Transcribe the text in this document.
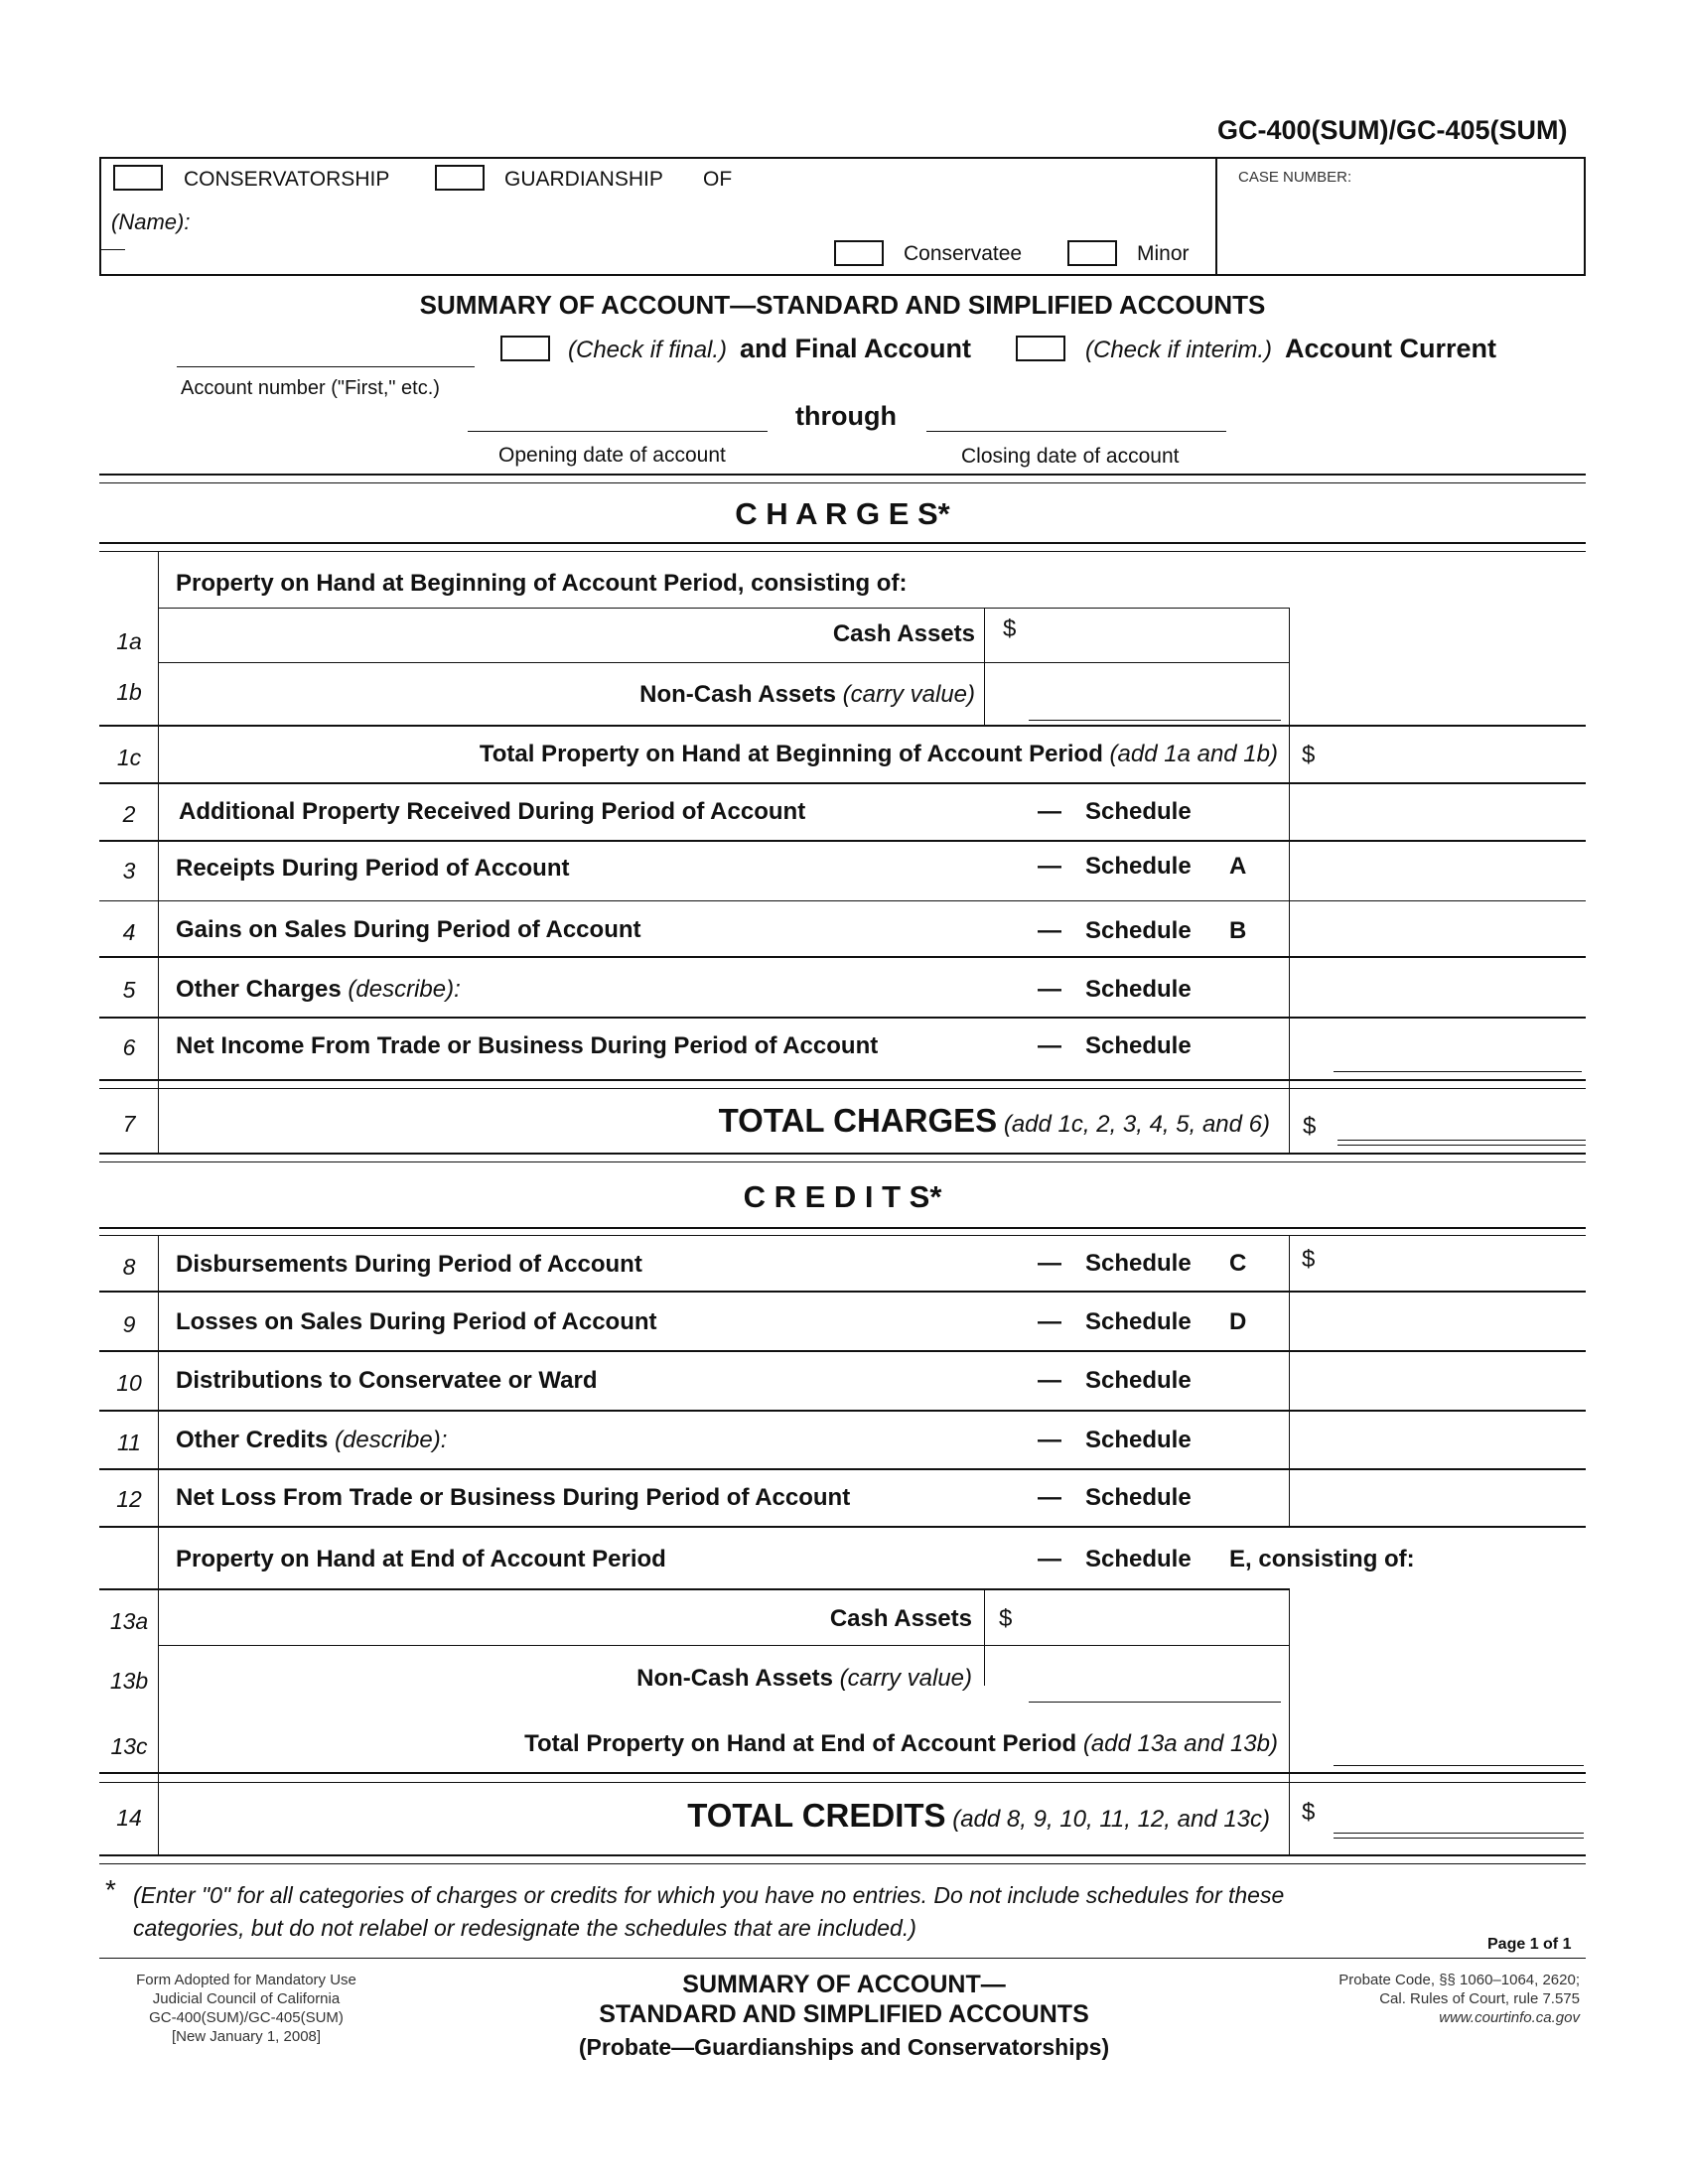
GC-400(SUM)/GC-405(SUM)
CONSERVATORSHIP	GUARDIANSHIP OF
(Name):
Conservatee	Minor
CASE NUMBER:
SUMMARY OF ACCOUNT—STANDARD AND SIMPLIFIED ACCOUNTS
Account number ("First," etc.)
(Check if final.) and Final Account	(Check if interim.) Account Current
through
Opening date of account	Closing date of account
C H A R G E S*
Property on Hand at Beginning of Account Period, consisting of:
1a	Cash Assets $
1b	Non-Cash Assets (carry value)
1c	Total Property on Hand at Beginning of Account Period (add 1a and 1b) $
2	Additional Property Received During Period of Account	— Schedule
3	Receipts During Period of Account	— Schedule A
4	Gains on Sales During Period of Account	— Schedule B
5	Other Charges (describe):	— Schedule
6	Net Income From Trade or Business During Period of Account	— Schedule
7	TOTAL CHARGES (add 1c, 2, 3, 4, 5, and 6) $
C R E D I T S*
8	Disbursements During Period of Account	— Schedule C $
9	Losses on Sales During Period of Account	— Schedule D
10	Distributions to Conservatee or Ward	— Schedule
11	Other Credits (describe):	— Schedule
12	Net Loss From Trade or Business During Period of Account	— Schedule
Property on Hand at End of Account Period	— Schedule E, consisting of:
13a	Cash Assets $
13b	Non-Cash Assets (carry value)
13c	Total Property on Hand at End of Account Period (add 13a and 13b)
14	TOTAL CREDITS (add 8, 9, 10, 11, 12, and 13c) $
* (Enter "0" for all categories of charges or credits for which you have no entries. Do not include schedules for these
categories, but do not relabel or redesignate the schedules that are included.)
Page 1 of 1
Form Adopted for Mandatory Use
Judicial Council of California
GC-400(SUM)/GC-405(SUM)
[New January 1, 2008]
SUMMARY OF ACCOUNT—
STANDARD AND SIMPLIFIED ACCOUNTS
(Probate—Guardianships and Conservatorships)
Probate Code, §§ 1060–1064, 2620;
Cal. Rules of Court, rule 7.575
www.courtinfo.ca.gov
